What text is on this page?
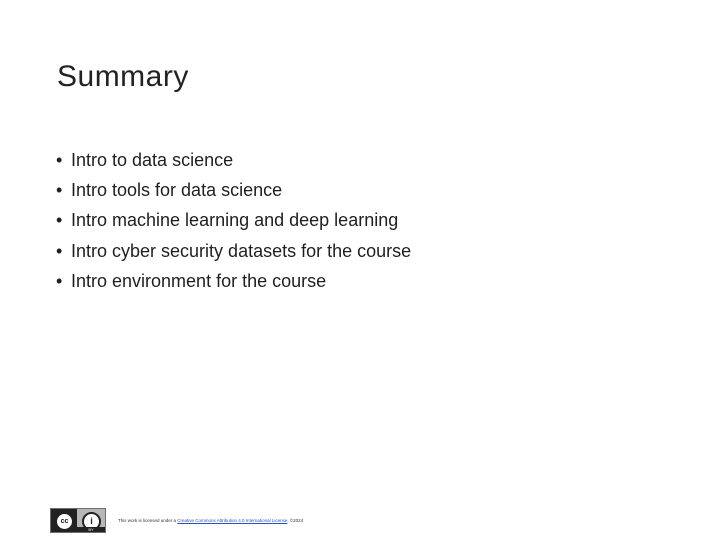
Summary
• Intro to data science
• Intro tools for data science
• Intro machine learning and deep learning
• Intro cyber security datasets for the course
• Intro environment for the course
cc	i
BY
This work is licensed under a Creative Commons Attribution 4.0 International License. ©2024
